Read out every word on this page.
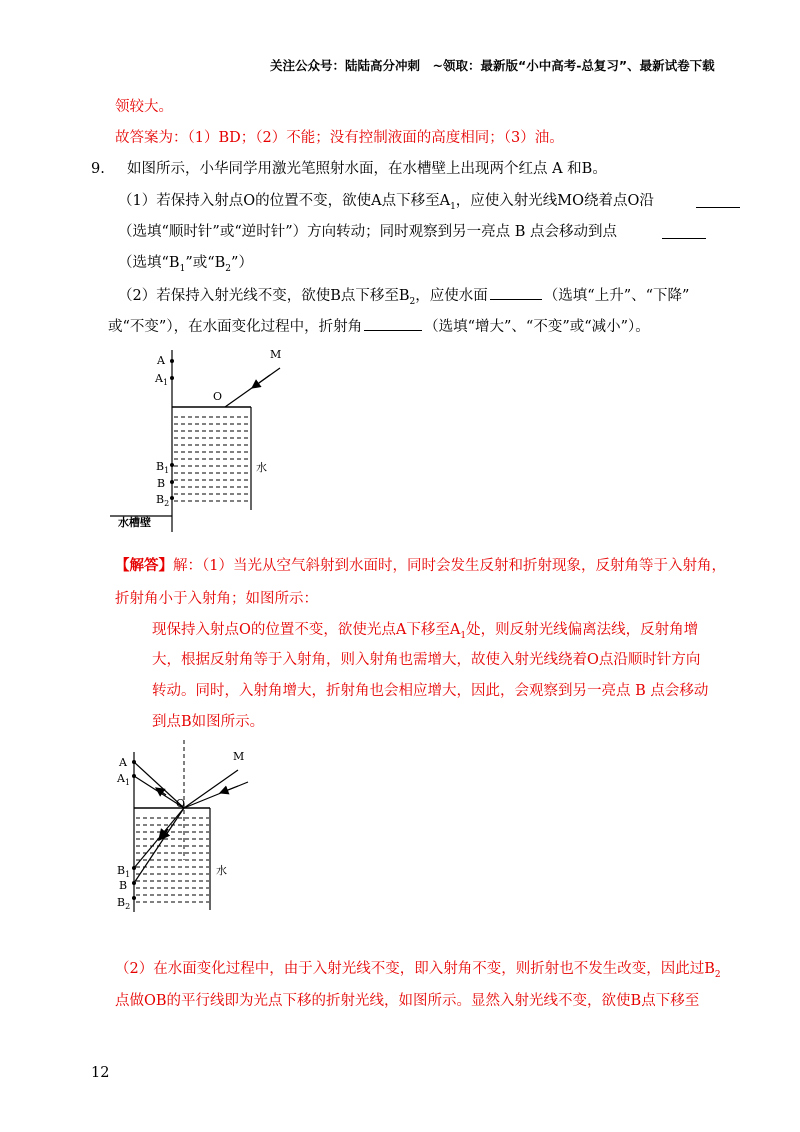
关注公众号：陆陆高分冲刺　~领取：最新版“小中高考-总复习”、最新试卷下载
领较大。
故答案为：（1）BD；（2）不能；没有控制液面的高度相同；（3）油。
9. 如图所示，小华同学用激光笔照射水面，在水槽壁上出现两个红点 A 和B。
（1）若保持入射点O的位置不变，欲使A点下移至$A_1$，应使入射光线MO绕着点O沿
（选填“顺时针”或“逆时针”）方向转动；同时观察到另一亮点 B 点会移动到点
（选填“$B_1$”或“$B_2$”）
（2）若保持入射光线不变，欲使B点下移至$B_2$，应使水面	（选填“上升”、“下降”
或“不变”），在水面变化过程中，折射角	（选填“增大”、“不变”或“减小”）。
A
$A_1$
M
O
水
$B_1$
B
$B_2$
水槽壁
【解答】解：（1）当光从空气斜射到水面时，同时会发生反射和折射现象，反射角等于入射角，
折射角小于入射角；如图所示：
现保持入射点O的位置不变，欲使光点A下移至$A_1$处，则反射光线偏离法线，反射角增
大，根据反射角等于入射角，则入射角也需增大，故使入射光线绕着O点沿顺时针方向
转动。同时，入射角增大，折射角也会相应增大，因此，会观察到另一亮点 B 点会移动
到点B如图所示。
A
$A_1$
M
O
水
$B_1$
B
$B_2$
（2）在水面变化过程中，由于入射光线不变，即入射角不变，则折射也不发生改变，因此过$B_2$
点做OB的平行线即为光点下移的折射光线，如图所示。显然入射光线不变，欲使B点下移至
12
